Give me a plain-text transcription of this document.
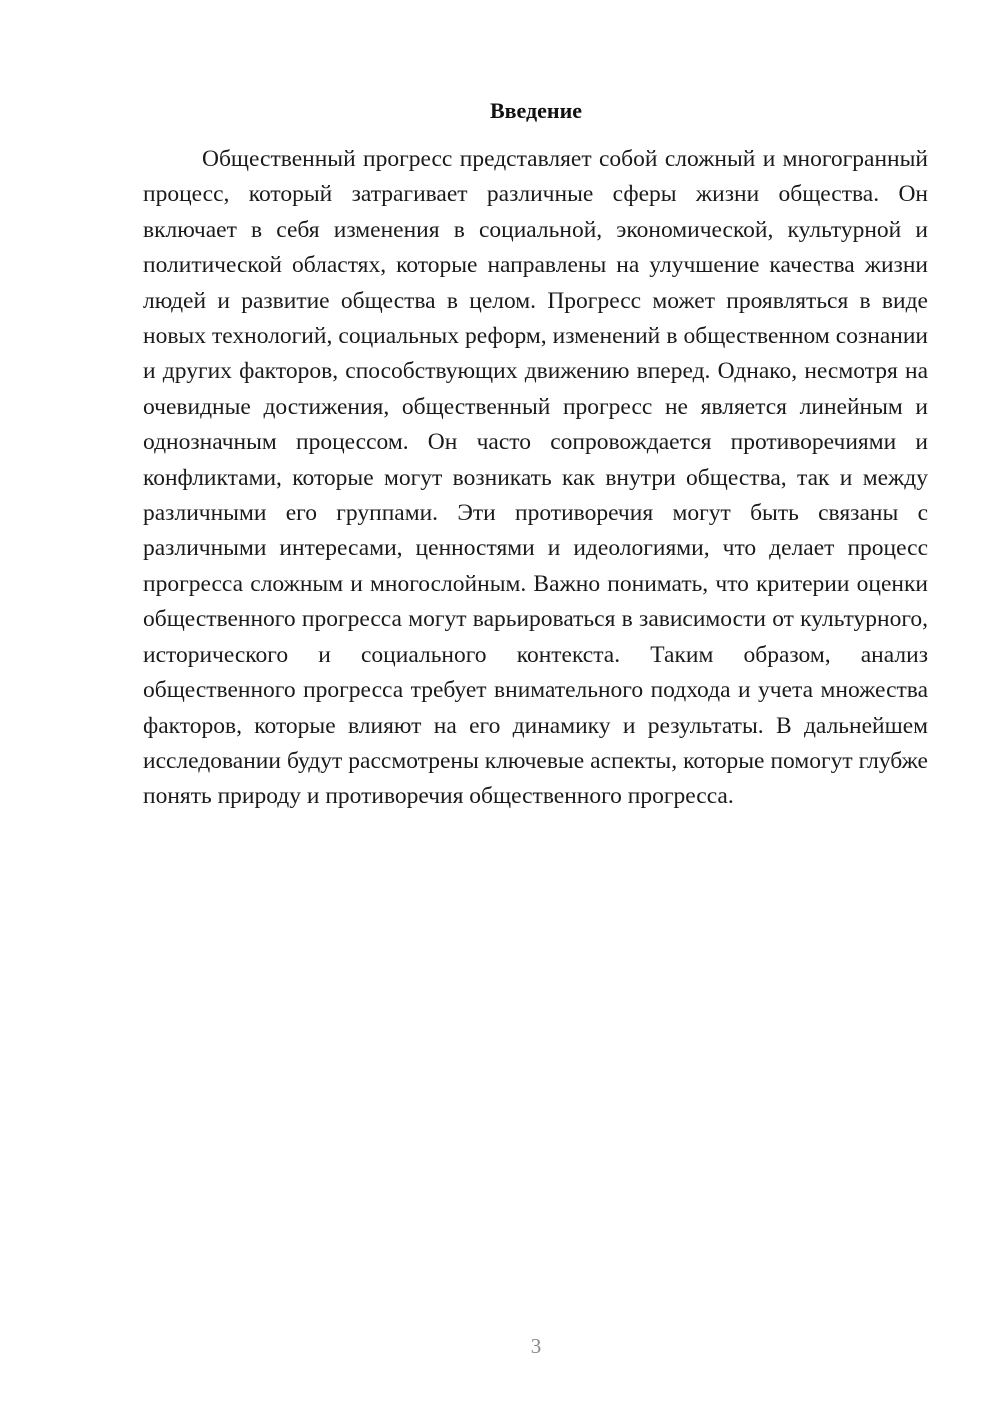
Введение

Общественный прогресс представляет собой сложный и многогранный процесс, который затрагивает различные сферы жизни общества. Он включает в себя изменения в социальной, экономической, культурной и политической областях, которые направлены на улучшение качества жизни людей и развитие общества в целом. Прогресс может проявляться в виде новых технологий, социальных реформ, изменений в общественном сознании и других факторов, способствующих движению вперед. Однако, несмотря на очевидные достижения, общественный прогресс не является линейным и однозначным процессом. Он часто сопровождается противоречиями и конфликтами, которые могут возникать как внутри общества, так и между различными его группами. Эти противоречия могут быть связаны с различными интересами, ценностями и идеологиями, что делает процесс прогресса сложным и многослойным. Важно понимать, что критерии оценки общественного прогресса могут варьироваться в зависимости от культурного, исторического и социального контекста. Таким образом, анализ общественного прогресса требует внимательного подхода и учета множества факторов, которые влияют на его динамику и результаты. В дальнейшем исследовании будут рассмотрены ключевые аспекты, которые помогут глубже понять природу и противоречия общественного прогресса.

3
